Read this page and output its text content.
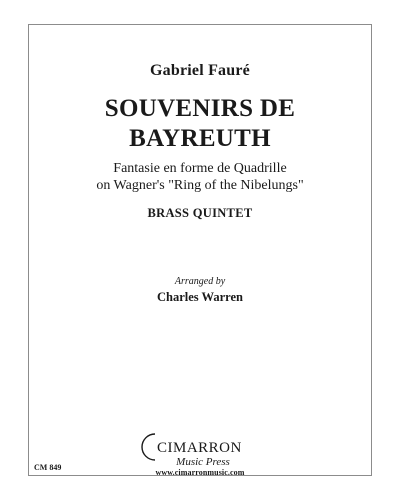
Gabriel Fauré
SOUVENIRS DE
BAYREUTH
Fantasie en forme de Quadrille
on Wagner's "Ring of the Nibelungs"
BRASS QUINTET
Arranged by
Charles Warren
CIMARRON
Music Press
CM 849
www.cimarronmusic.com
